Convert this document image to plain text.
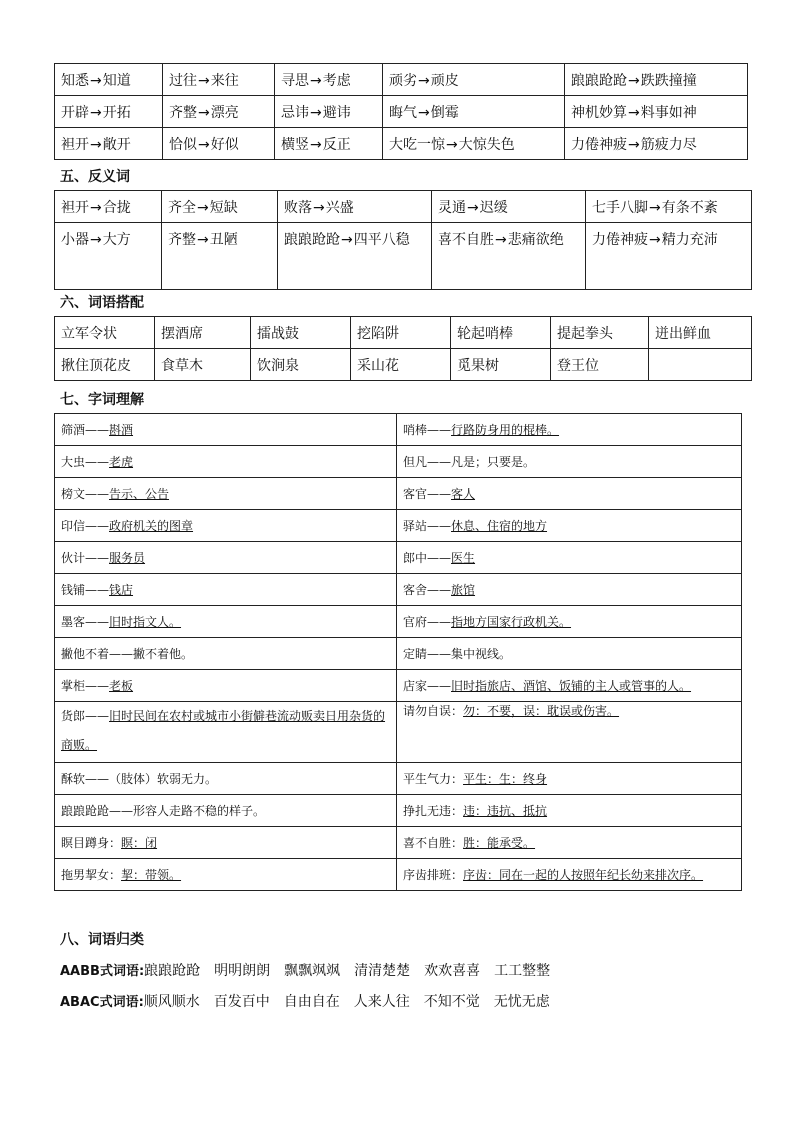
知悉→知道	过往→来往	寻思→考虑	顽劣→顽皮	踉踉跄跄→跌跌撞撞
开辟→开拓	齐整→漂亮	忌讳→避讳	晦气→倒霉	神机妙算→料事如神
袒开→敞开	恰似→好似	横竖→反正	大吃一惊→大惊失色	力倦神疲→筋疲力尽

五、反义词

袒开→合拢	齐全→短缺	败落→兴盛	灵通→迟缓	七手八脚→有条不紊
小器→大方	齐整→丑陋	踉踉跄跄→四平八稳	喜不自胜→悲痛欲绝	力倦神疲→精力充沛

六、词语搭配

立军令状	摆酒席	擂战鼓	挖陷阱	轮起哨棒	提起拳头	迸出鲜血
揪住顶花皮	食草木	饮涧泉	采山花	觅果树	登王位	

七、字词理解

筛酒——斟酒	哨棒——行路防身用的棍棒。
大虫——老虎	但凡——凡是；只要是。
榜文——告示、公告	客官——客人
印信——政府机关的图章	驿站——休息、住宿的地方
伙计——服务员	郎中——医生
钱铺——钱店	客舍——旅馆
墨客——旧时指文人。	官府——指地方国家行政机关。
撇他不着——撇不着他。	定睛——集中视线。
掌柜——老板	店家——旧时指旅店、酒馆、饭铺的主人或管事的人。
货郎——旧时民间在农村或城市小街僻巷流动贩卖日用杂货的商贩。	请勿自误：勿：不要，误：耽误或伤害。
酥软——（肢体）软弱无力。	平生气力：平生：生：终身
踉踉跄跄——形容人走路不稳的样子。	挣扎无违：违：违抗、抵抗
瞑目蹲身：瞑：闭	喜不自胜：胜：能承受。
拖男挈女：挈：带领。	序齿排班：序齿：同在一起的人按照年纪长幼来排次序。

八、词语归类

AABB式词语:踉踉跄跄 明明朗朗 飘飘飒飒 清清楚楚 欢欢喜喜 工工整整

ABAC式词语:顺风顺水 百发百中 自由自在 人来人往 不知不觉 无忧无虑
